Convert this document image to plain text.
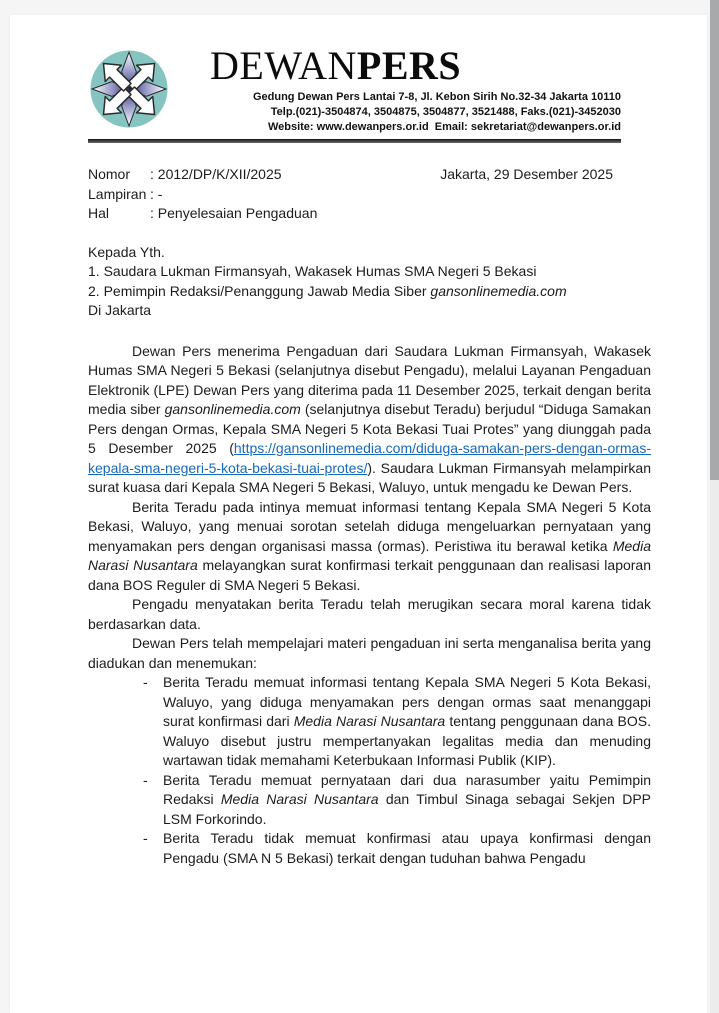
DEWANPERS
Gedung Dewan Pers Lantai 7-8, Jl. Kebon Sirih No.32-34 Jakarta 10110
Telp.(021)-3504874, 3504875, 3504877, 3521488, Faks.(021)-3452030
Website: www.dewanpers.or.id  Email: sekretariat@dewanpers.or.id
Nomor	: 2012/DP/K/XII/2025	Jakarta, 29 Desember 2025
Lampiran : -
Hal	: Penyelesaian Pengaduan
Kepada Yth.
1. Saudara Lukman Firmansyah, Wakasek Humas SMA Negeri 5 Bekasi
2. Pemimpin Redaksi/Penanggung Jawab Media Siber gansonlinemedia.com
Di Jakarta

Dewan Pers menerima Pengaduan dari Saudara Lukman Firmansyah, Wakasek Humas SMA Negeri 5 Bekasi (selanjutnya disebut Pengadu), melalui Layanan Pengaduan Elektronik (LPE) Dewan Pers yang diterima pada 11 Desember 2025, terkait dengan berita media siber gansonlinemedia.com (selanjutnya disebut Teradu) berjudul “Diduga Samakan Pers dengan Ormas, Kepala SMA Negeri 5 Kota Bekasi Tuai Protes” yang diunggah pada 5 Desember 2025 (https://gansonlinemedia.com/diduga-samakan-pers-dengan-ormas-kepala-sma-negeri-5-kota-bekasi-tuai-protes/). Saudara Lukman Firmansyah melampirkan surat kuasa dari Kepala SMA Negeri 5 Bekasi, Waluyo, untuk mengadu ke Dewan Pers.

Berita Teradu pada intinya memuat informasi tentang Kepala SMA Negeri 5 Kota Bekasi, Waluyo, yang menuai sorotan setelah diduga mengeluarkan pernyataan yang menyamakan pers dengan organisasi massa (ormas). Peristiwa itu berawal ketika Media Narasi Nusantara melayangkan surat konfirmasi terkait penggunaan dan realisasi laporan dana BOS Reguler di SMA Negeri 5 Bekasi.

Pengadu menyatakan berita Teradu telah merugikan secara moral karena tidak berdasarkan data.

Dewan Pers telah mempelajari materi pengaduan ini serta menganalisa berita yang diadukan dan menemukan:

-	Berita Teradu memuat informasi tentang Kepala SMA Negeri 5 Kota Bekasi, Waluyo, yang diduga menyamakan pers dengan ormas saat menanggapi surat konfirmasi dari Media Narasi Nusantara tentang penggunaan dana BOS. Waluyo disebut justru mempertanyakan legalitas media dan menuding wartawan tidak memahami Keterbukaan Informasi Publik (KIP).
-	Berita Teradu memuat pernyataan dari dua narasumber yaitu Pemimpin Redaksi Media Narasi Nusantara dan Timbul Sinaga sebagai Sekjen DPP LSM Forkorindo.
-	Berita Teradu tidak memuat konfirmasi atau upaya konfirmasi dengan Pengadu (SMA N 5 Bekasi) terkait dengan tuduhan bahwa Pengadu
